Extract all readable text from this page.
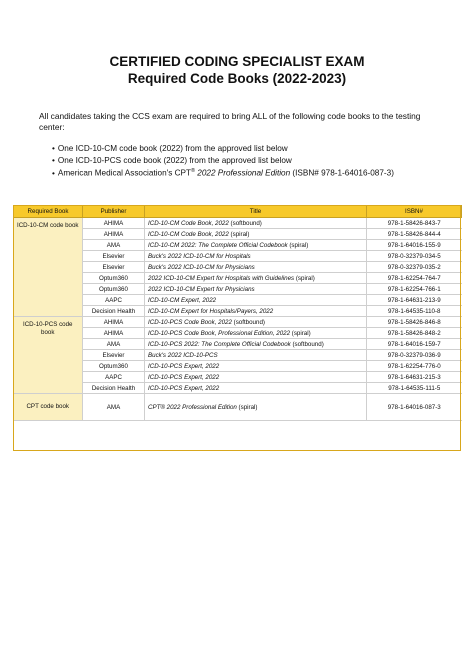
CERTIFIED CODING SPECIALIST EXAM
Required Code Books (2022-2023)
All candidates taking the CCS exam are required to bring ALL of the following code books to the testing center:
• One ICD-10-CM code book (2022) from the approved list below
• One ICD-10-PCS code book (2022) from the approved list below
• American Medical Association's CPT® 2022 Professional Edition (ISBN# 978-1-64016-087-3)
Required Book	Publisher	Title	ISBN#
ICD-10-CM code book	AHIMA	ICD-10-CM Code Book, 2022 (softbound)	978-1-58426-843-7
	AHIMA	ICD-10-CM Code Book, 2022 (spiral)	978-1-58426-844-4
	AMA	ICD-10-CM 2022: The Complete Official Codebook (spiral)	978-1-64016-155-9
	Elsevier	Buck's 2022 ICD-10-CM for Hospitals	978-0-32379-034-5
	Elsevier	Buck's 2022 ICD-10-CM for Physicians	978-0-32379-035-2
	Optum360	2022 ICD-10-CM Expert for Hospitals with Guidelines (spiral)	978-1-62254-764-7
	Optum360	2022 ICD-10-CM Expert for Physicians	978-1-62254-766-1
	AAPC	ICD-10-CM Expert, 2022	978-1-64631-213-9
	Decision Health	ICD-10-CM Expert for Hospitals/Payers, 2022	978-1-64535-110-8
ICD-10-PCS code book	AHIMA	ICD-10-PCS Code Book, 2022 (softbound)	978-1-58426-846-8
	AHIMA	ICD-10-PCS Code Book, Professional Edition, 2022 (spiral)	978-1-58426-848-2
	AMA	ICD-10-PCS 2022: The Complete Official Codebook (softbound)	978-1-64016-159-7
	Elsevier	Buck's 2022 ICD-10-PCS	978-0-32379-036-9
	Optum360	ICD-10-PCS Expert, 2022	978-1-62254-776-0
	AAPC	ICD-10-PCS Expert, 2022	978-1-64631-215-3
	Decision Health	ICD-10-PCS Expert, 2022	978-1-64535-111-5
CPT code book	AMA	CPT® 2022 Professional Edition (spiral)	978-1-64016-087-3
